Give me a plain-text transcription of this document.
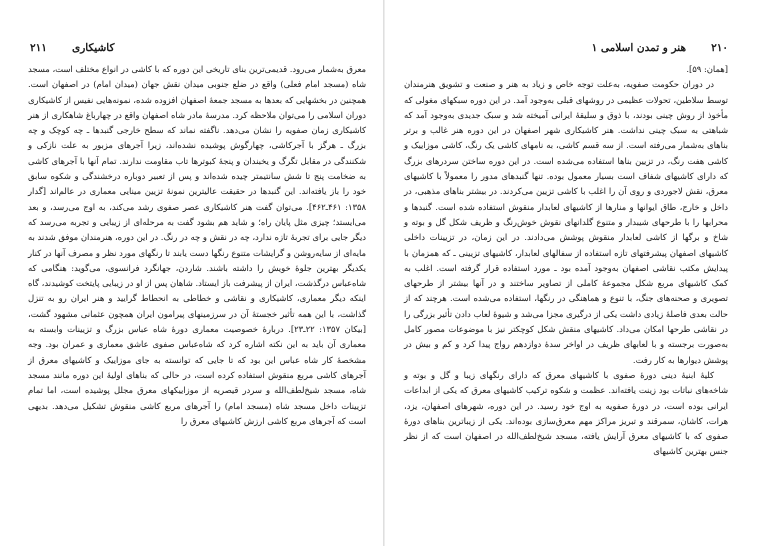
۲۱۱ کاشیکاری

معرق به‌شمار می‌رود. قدیمی‌ترین بنای تاریخی این دوره که با کاشی در انواع مختلف است، مسجد شاه (مسجد امام فعلی) واقع در ضلع جنوبی میدان نقش جهان (میدان امام) در اصفهان است. همچنین در بخشهایی که بعدها به مسجد جمعهٔ اصفهان افزوده شده، نمونه‌هایی نفیس از کاشیکاری دوران اسلامی را می‌توان ملاحظه کرد. مدرسهٔ مادر شاه اصفهان واقع در چهارباغ شاهکاری از هنر کاشیکاری زمان صفویه را نشان می‌دهد. ناگفته نماند که سطح خارجی گنبدها ـ چه کوچک و چه بزرگ ـ هرگز با آجرکاشی، چهارگوش پوشیده نشده‌اند، زیرا آجرهای مزبور به علت نازکی و شکنندگی در مقابل تگرگ و یخبندان و پنجهٔ کبوترها تاب مقاومت ندارند. تمام آنها با آجرهای کاشی به ضخامت پنج تا شش سانتیمتر چیده شده‌اند و پس از تعبیر دوباره درخشندگی و شکوه سابق خود را باز یافته‌اند. این گنبدها در حقیقت عالیترین نمونهٔ تزیین مینایی معماری در عالم‌اند [گدار ۱۳۵۸: ۴۶۱ـ۴۶۲]. می‌توان گفت هنر کاشیکاری عصر صفوی رشد می‌کند، به اوج می‌رسد، و بعد می‌ایستد؛ چیزی مثل پایان راه؛ و شاید هم بشود گفت به مرحله‌ای از زیبایی و تجربه می‌رسد که دیگر جایی برای تجربهٔ تازه ندارد، چه در نقش و چه در رنگ. در این دوره، هنرمندان موفق شدند به مایه‌ای از سایه‌روشن و گرایشات متنوع رنگها دست یابند تا رنگهای مورد نظر و مصرف آنها در کنار یکدیگر بهترین جلوهٔ خویش را داشته باشند. شاردن، جهانگرد فرانسوی، می‌گوید: هنگامی که شاه‌عباس درگذشت، ایران از پیشرفت باز ایستاد. شاهان پس از او در زیبایی پایتخت کوشیدند، گاه اینکه دیگر معماری، کاشیکاری و نقاشی و خطاطی به انحطاط گرایید و هنر ایران رو به تنزل گذاشت، با این همه تأثیر خجستهٔ آن در سرزمینهای پیرامون ایران همچون عثمانی مشهود گشت، [بیکان ۱۳۵۷: ۲۲ـ۲۳]. دربارهٔ خصوصیت معماری دورهٔ شاه عباس بزرگ و تزیینات وابسته به معماری آن باید به این نکته اشاره کرد که شاه‌عباس صفوی عاشق معماری و عمران بود. وجه مشخصهٔ کار شاه عباس این بود که تا جایی که توانسته به جای موزاییک و کاشیهای معرق از آجرهای کاشی مربع منقوش استفاده کرده است، در حالی که بناهای اولیهٔ این دوره مانند مسجد شاه، مسجد شیخ‌لطف‌الله و سردر قیصریه از موزاییکهای معرق مجلل پوشیده است، اما تمام تزیینات داخل مسجد شاه (مسجد امام) را آجرهای مربع کاشی منقوش تشکیل می‌دهد. بدیهی است که آجرهای مربع کاشی ارزش کاشیهای معرق را

هنر و تمدن اسلامی ۱ ۲۱۰

[همان: ۵۹].

در دوران حکومت صفویه، به‌علت توجه خاص و زیاد به هنر و صنعت و تشویق هنرمندان توسط سلاطین، تحولات عظیمی در روشهای قبلی به‌وجود آمد. در این دوره سبکهای مغولی که مأخوذ از روش چینی بودند، با ذوق و سلیقهٔ ایرانی آمیخته شد و سبک جدیدی به‌وجود آمد که شباهتی به سبک چینی نداشت. هنر کاشیکاری شهر اصفهان در این دوره هنر غالب و برتر بناهای به‌شمار می‌رفته است. از سه قسم کاشی، به نامهای کاشی یک رنگ، کاشی موزاییک و کاشی هفت رنگ، در تزیین بناها استفاده می‌شده است. در این دوره ساختن سردرهای بزرگ که دارای کاشیهای شفاف است بسیار معمول بوده. تنها گنبدهای مدور را معمولاً با کاشیهای معرق، نقش لاجوردی و روی آن را اغلب با کاشی تزیین می‌کردند. در بیشتر بناهای مذهبی، در داخل و خارج، طاق ایوانها و منارها از کاشیهای لعابدار منقوش استفاده شده است. گنبدها و محرابها را با طرحهای شیبدار و متنوع گلدانهای نقوش خوش‌رنگ و ظریف شکل گل و بوته و شاخ و برگها از کاشی لعابدار منقوش پوشش می‌دادند. در این زمان، در تزیینات داخلی کاشیهای اصفهان پیشرفتهای تازه استفاده از سفالهای لعابدار، کاشیهای تزیینی ـ که همزمان با پیدایش مکتب نقاشی اصفهان به‌وجود آمده بود ـ مورد استفاده قرار گرفته است. اغلب به کمک کاشیهای مربع شکل مجموعهٔ کاملی از تصاویر ساختند و در آنها بیشتر از طرحهای تصویری و صحنه‌های جنگ، با تنوع و هماهنگی در رنگها، استفاده می‌شده است. هرچند که از حالت بعدی فاصلهٔ زیادی داشت یکی از درگیری مجزا می‌شد و شیوهٔ لعاب دادن تأثیر بزرگی را در نقاشی طرحها امکان می‌داد. کاشیهای منقش شکل کوچکتر نیز با موضوعات مصور کامل به‌صورت برجسته و با لعابهای ظریف در اواخر سدهٔ دوازدهم رواج پیدا کرد و کم و بیش در پوشش دیوارها به کار رفت.

کلیهٔ ابنیهٔ دینی دورهٔ صفوی با کاشیهای معرق که دارای رنگهای زیبا و گل و بوته و شاخه‌های نباتات بود زینت یافته‌اند. عظمت و شکوه ترکیب کاشیهای معرق که یکی از ابداعات ایرانی بوده است، در دورهٔ صفویه به اوج خود رسید. در این دوره، شهرهای اصفهان، یزد، هرات، کاشان، سمرقند و تبریز مراکز مهم معرق‌سازی بوده‌اند. یکی از زیباترین بناهای دورهٔ صفوی که با کاشیهای معرق آرایش یافته، مسجد شیخ‌لطف‌الله در اصفهان است که از نظر جنس بهترین کاشیهای
